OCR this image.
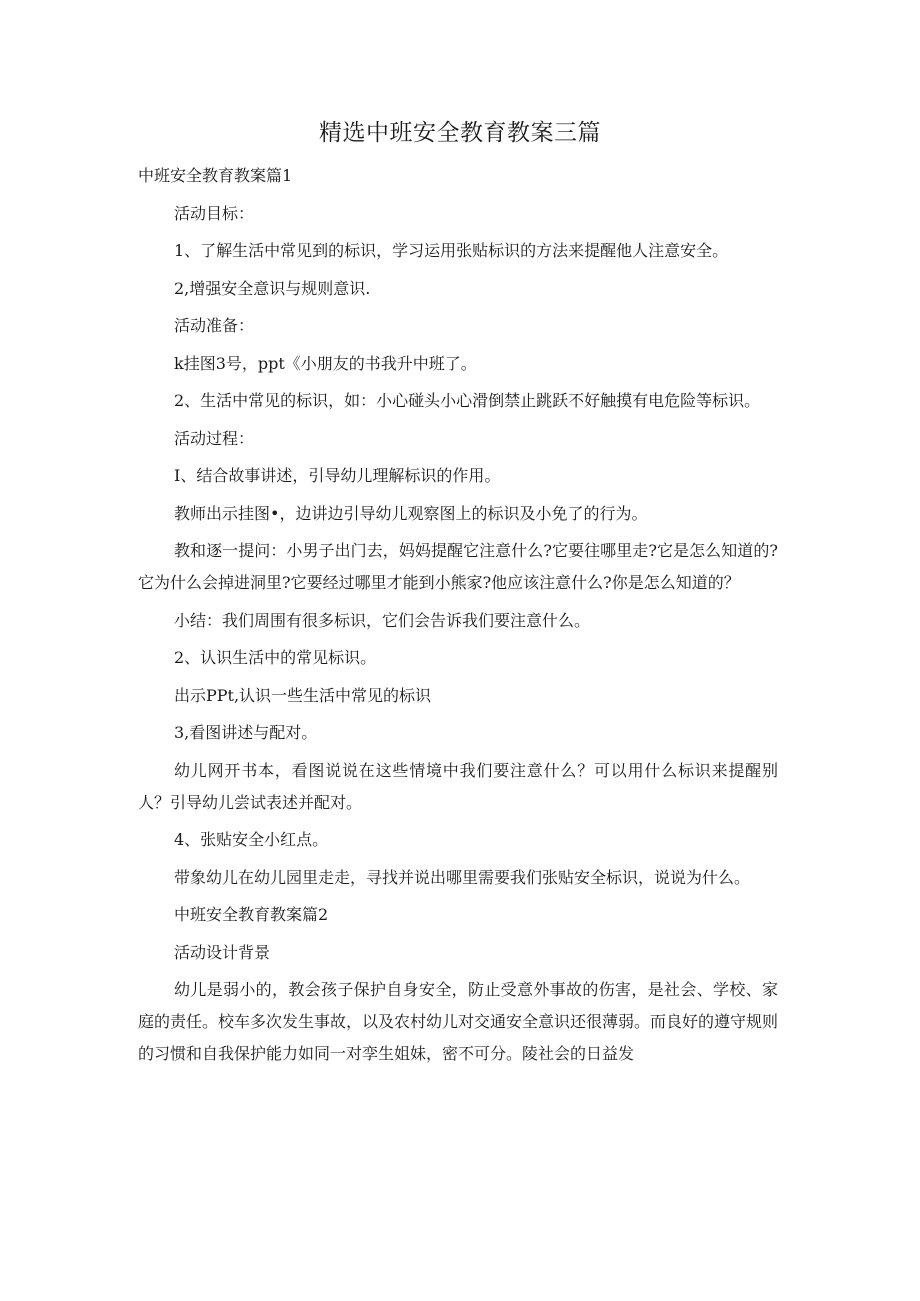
精选中班安全教育教案三篇

中班安全教育教案篇1

活动目标：

1、了解生活中常见到的标识，学习运用张贴标识的方法来提醒他人注意安全。

2,增强安全意识与规则意识.

活动准备：

k挂图3号，ppt《小朋友的书我升中班了。

2、生活中常见的标识，如：小心碰头小心滑倒禁止跳跃不好触摸有电危险等标识。

活动过程：

I、结合故事讲述，引导幼儿理解标识的作用。

教师出示挂图•，边讲边引导幼儿观察图上的标识及小免了的行为。

教和逐一提问：小男子出门去，妈妈提醒它注意什么?它要往哪里走?它是怎么知道的?它为什么会掉进洞里?它要经过哪里才能到小熊家?他应该注意什么?你是怎么知道的？

小结：我们周围有很多标识，它们会告诉我们要注意什么。

2、认识生活中的常见标识。

出示PPt,认识一些生活中常见的标识

3,看图讲述与配对。

幼儿网开书本，看图说说在这些情境中我们要注意什么？可以用什么标识来提醒别人？引导幼儿尝试表述并配对。

4、张贴安全小红点。

带象幼儿在幼儿园里走走，寻找并说出哪里需要我们张贴安全标识，说说为什么。

中班安全教育教案篇2

活动设计背景

幼儿是弱小的，教会孩子保护自身安全，防止受意外事故的伤害，是社会、学校、家庭的责任。校车多次发生事故，以及农村幼儿对交通安全意识还很薄弱。而良好的遵守规则的习惯和自我保护能力如同一对孪生姐妹，密不可分。陵社会的日益发
